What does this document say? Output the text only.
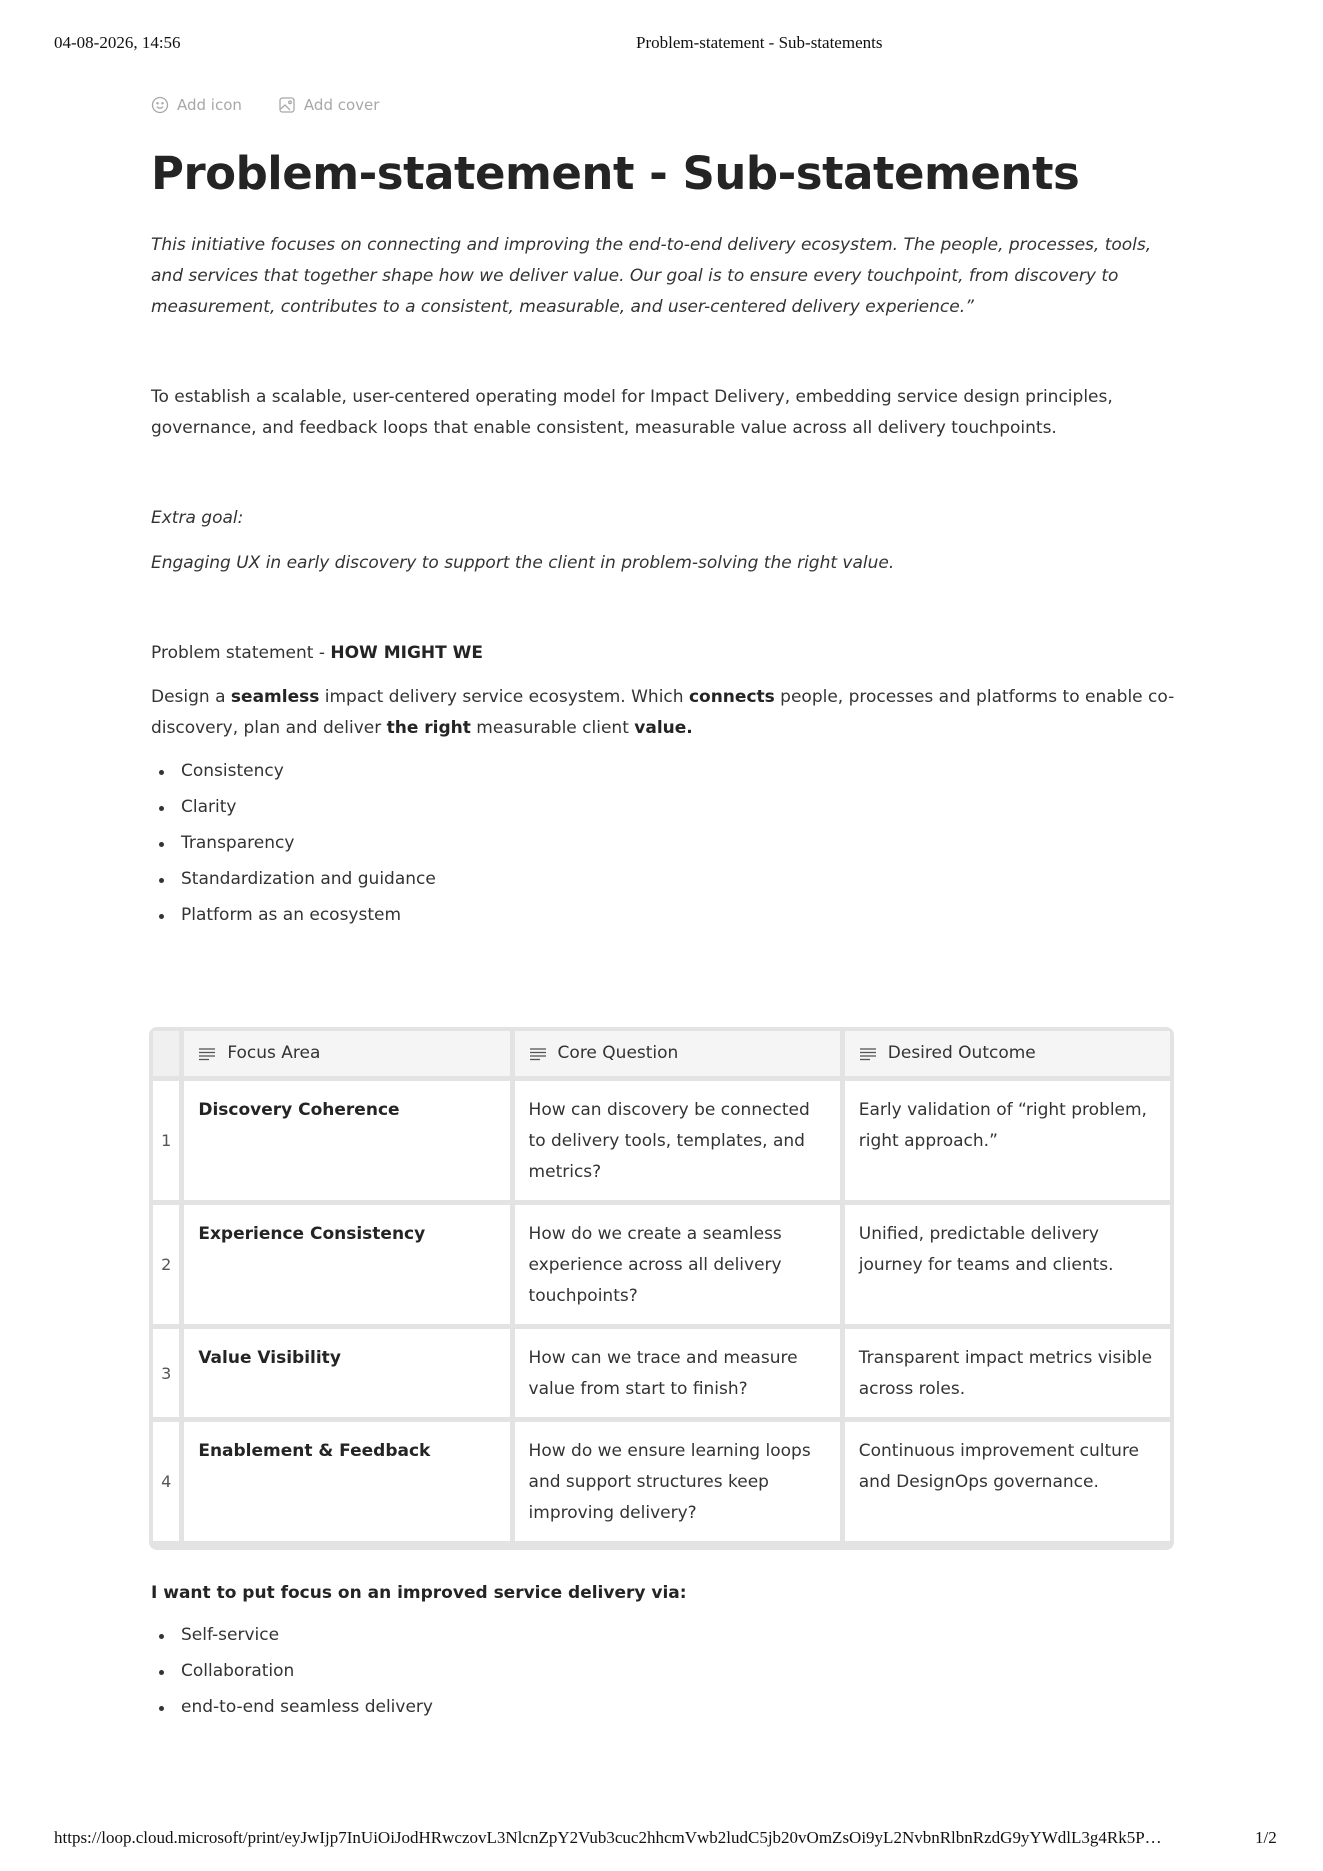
04-08-2026, 14:56	Problem-statement - Sub-statements
Add icon	Add cover
Problem-statement - Sub-statements

This initiative focuses on connecting and improving the end-to-end delivery ecosystem. The people, processes, tools, and services that together shape how we deliver value. Our goal is to ensure every touchpoint, from discovery to measurement, contributes to a consistent, measurable, and user-centered delivery experience.”

To establish a scalable, user-centered operating model for Impact Delivery, embedding service design principles, governance, and feedback loops that enable consistent, measurable value across all delivery touchpoints.

Extra goal:

Engaging UX in early discovery to support the client in problem-solving the right value.

Problem statement - HOW MIGHT WE

Design a seamless impact delivery service ecosystem. Which connects people, processes and platforms to enable co-discovery, plan and deliver the right measurable client value.

Consistency
Clarity
Transparency
Standardization and guidance
Platform as an ecosystem

	Focus Area	Core Question	Desired Outcome

1	Discovery Coherence	How can discovery be connected to delivery tools, templates, and metrics?	Early validation of “right problem, right approach.”
2	Experience Consistency	How do we create a seamless experience across all delivery touchpoints?	Unified, predictable delivery journey for teams and clients.
3	Value Visibility	How can we trace and measure value from start to finish?	Transparent impact metrics visible across roles.
4	Enablement & Feedback	How do we ensure learning loops and support structures keep improving delivery?	Continuous improvement culture and DesignOps governance.

I want to put focus on an improved service delivery via:

Self-service
Collaboration
end-to-end seamless delivery
https://loop.cloud.microsoft/print/eyJwIjp7InUiOiJodHRwczovL3NlcnZpY2Vub3cuc2hhcmVwb2ludC5jb20vOmZsOi9yL2NvbnRlbnRzdG9yYWdlL3g4Rk5P…	1/2
